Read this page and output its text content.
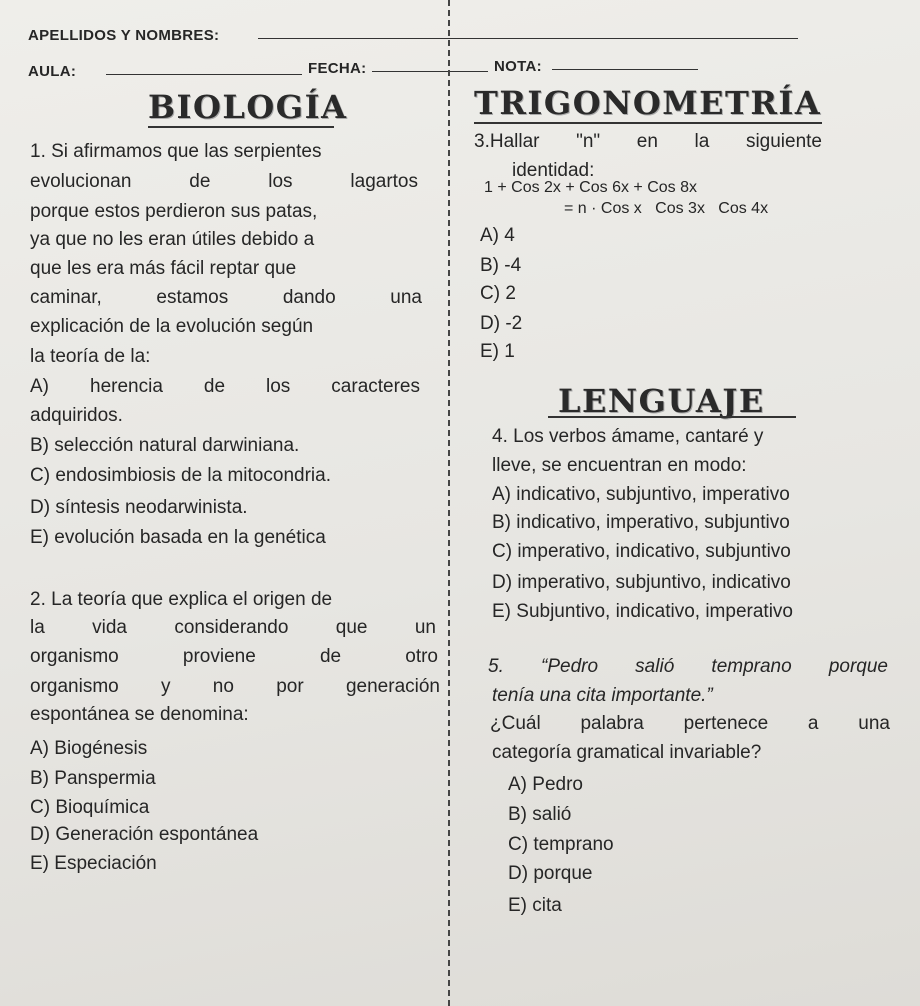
APELLIDOS Y NOMBRES:
AULA:	FECHA:	NOTA:
BIOLOGÍA
1. Si afirmamos que las serpientes
evolucionan de los lagartos
porque estos perdieron sus patas,
ya que no les eran útiles debido a
que les era más fácil reptar que
caminar, estamos dando una
explicación de la evolución según
la teoría de la:
A) herencia de los caracteres
adquiridos.
B) selección natural darwiniana.
C) endosimbiosis de la mitocondria.
D) síntesis neodarwinista.
E) evolución basada en la genética
2. La teoría que explica el origen de
la vida considerando que un
organismo proviene de otro
organismo y no por generación
espontánea se denomina:
A) Biogénesis
B) Panspermia
C) Bioquímica
D) Generación espontánea
E) Especiación
TRIGONOMETRÍA
3.Hallar "n" en la siguiente
identidad:
1 + Cos 2x + Cos 6x + Cos 8x
= n · Cos x   Cos 3x   Cos 4x
A) 4
B) -4
C) 2
D) -2
E) 1
LENGUAJE
4. Los verbos ámame, cantaré y
lleve, se encuentran en modo:
A) indicativo, subjuntivo, imperativo
B) indicativo, imperativo, subjuntivo
C) imperativo, indicativo, subjuntivo
D) imperativo, subjuntivo, indicativo
E) Subjuntivo, indicativo, imperativo
5. “Pedro salió temprano porque
tenía una cita importante.”
¿Cuál palabra pertenece a una
categoría gramatical invariable?
A) Pedro
B) salió
C) temprano
D) porque
E) cita
